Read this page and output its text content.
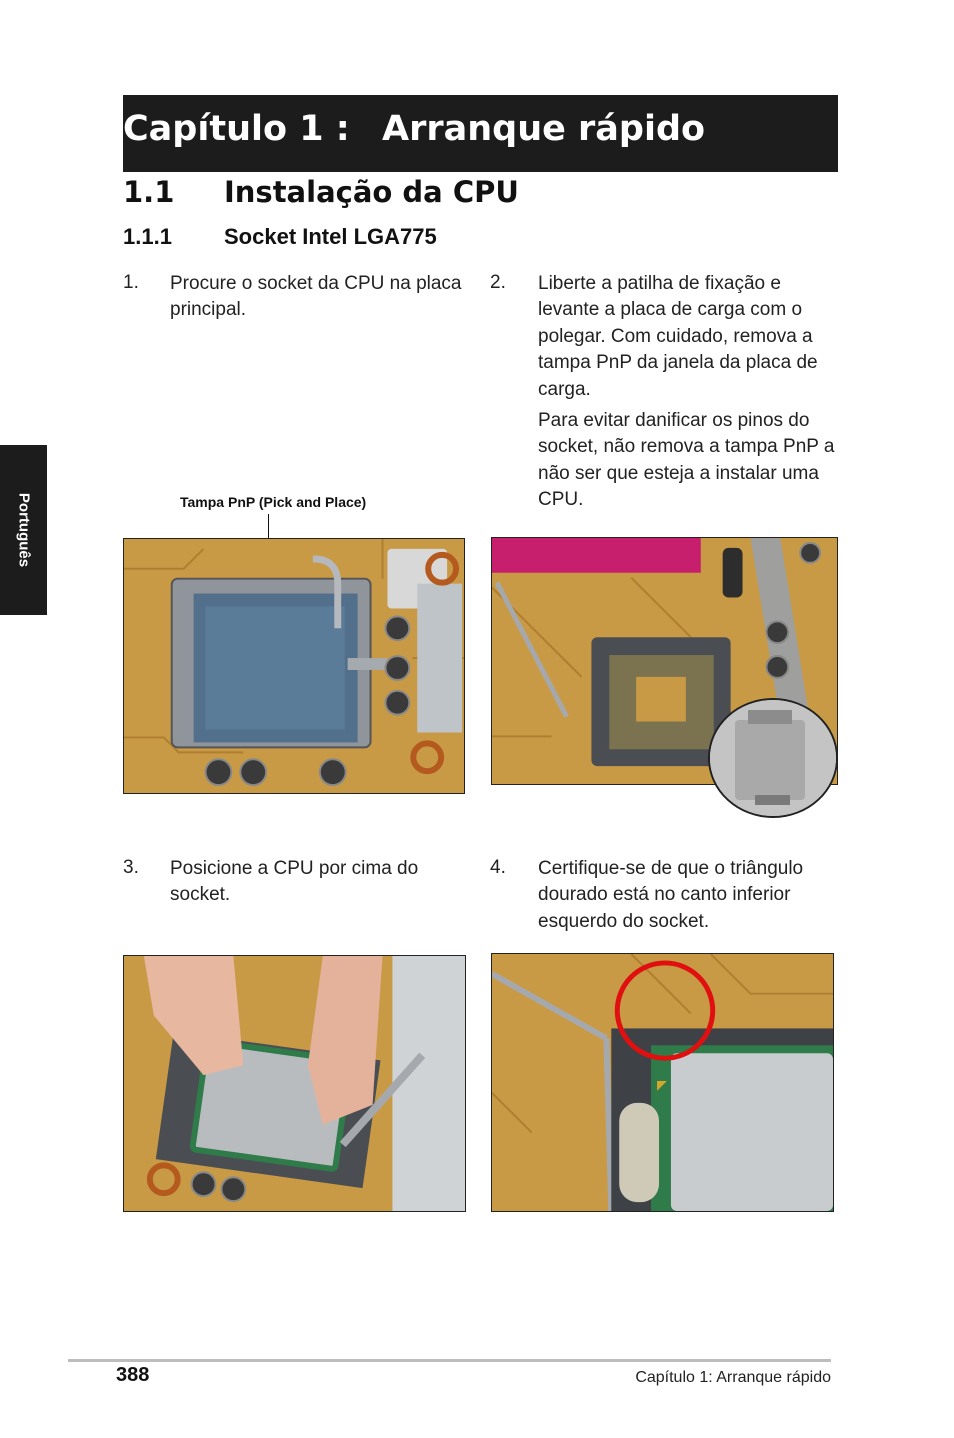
Capítulo 1 : Arranque rápido
1.1 Instalação da CPU
1.1.1 Socket Intel LGA775
Português
1. Procure o socket da CPU na placa principal.
2. Liberte a patilha de fixação e levante a placa de carga com o polegar. Com cuidado, remova a tampa PnP da janela da placa de carga.
Para evitar danificar os pinos do socket, não remova a tampa PnP a não ser que esteja a instalar uma CPU.
Tampa PnP (Pick and Place)
3. Posicione a CPU por cima do socket.
4. Certifique-se de que o triângulo dourado está no canto inferior esquerdo do socket.
388	Capítulo 1: Arranque rápido
